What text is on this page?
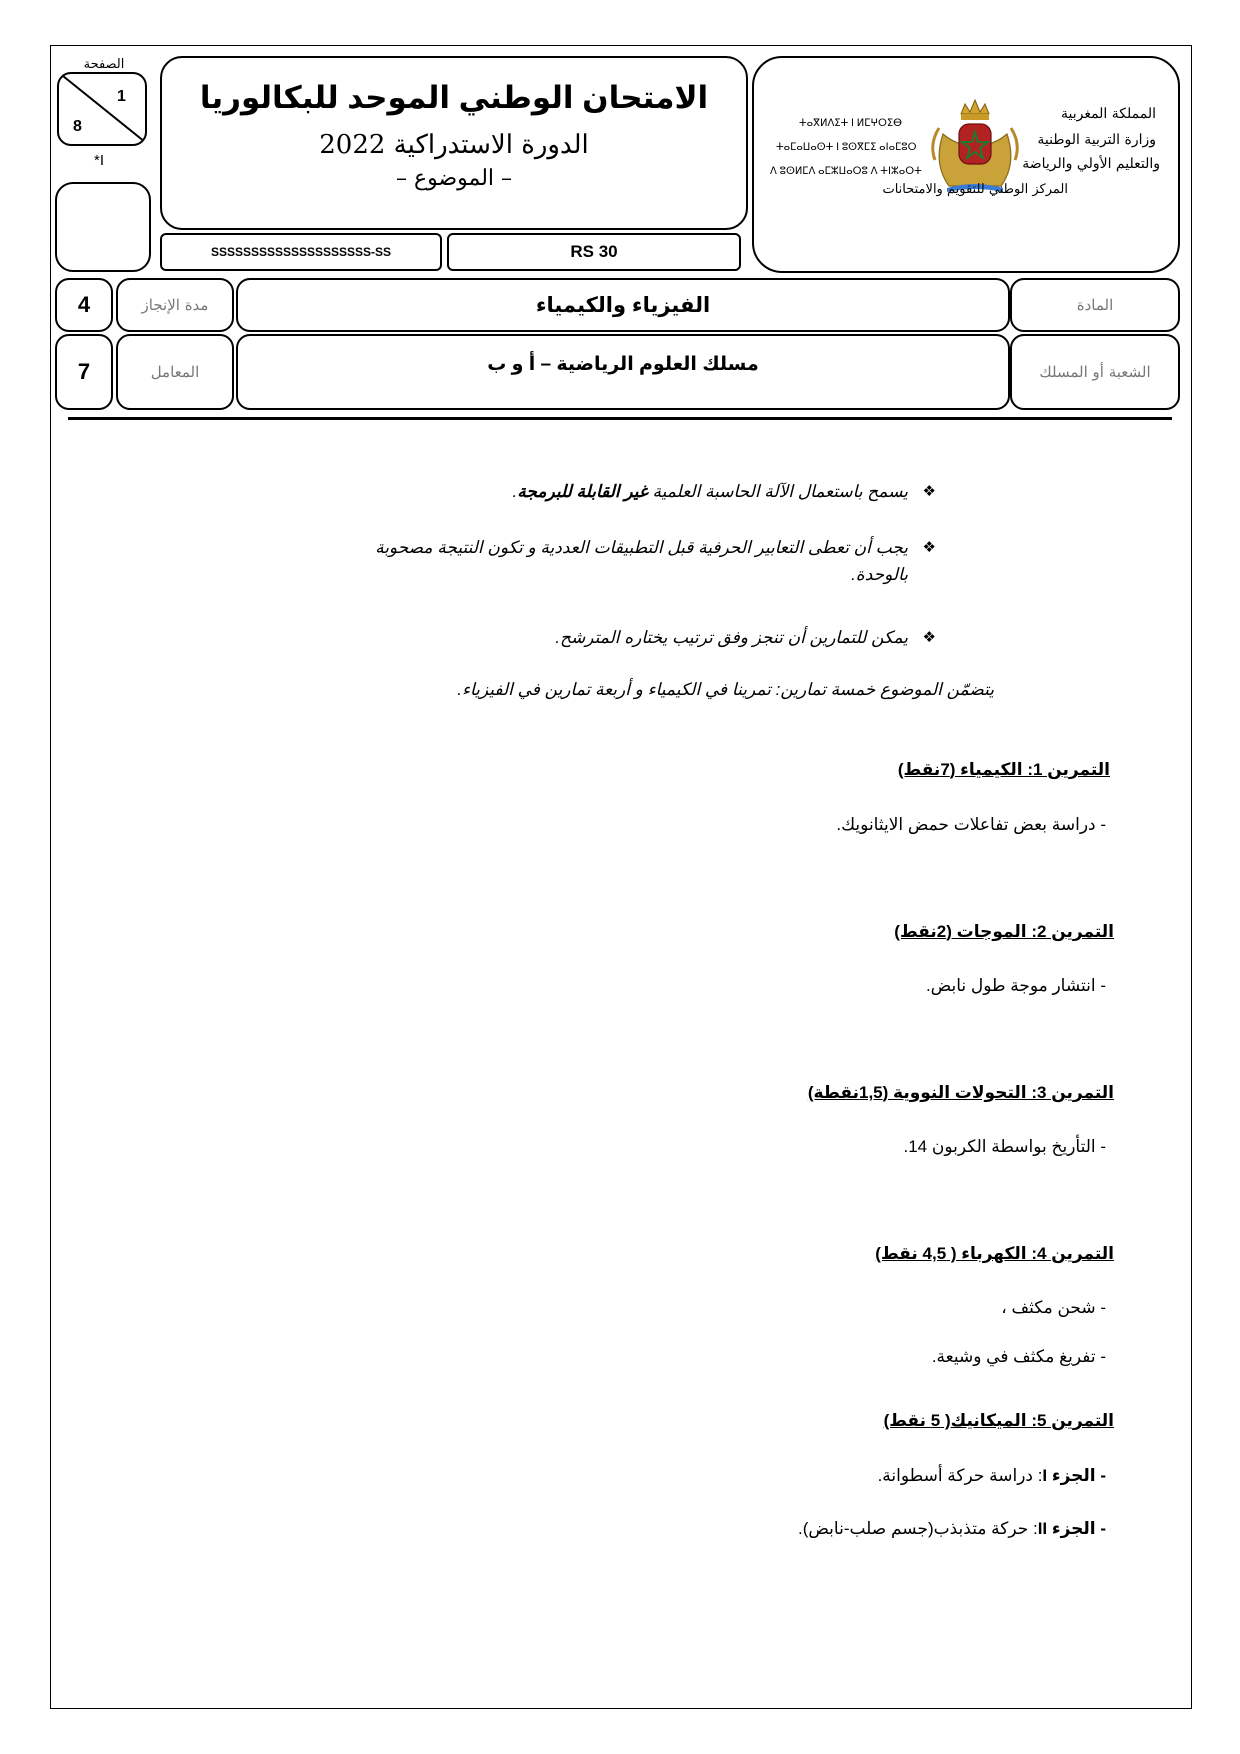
الصفحة
1
8
*I
الامتحان الوطني الموحد للبكالوريا
الدورة الاستدراكية 2022
– الموضوع –
SSSSSSSSSSSSSSSSSSSS-SS	RS 30
ⵜⴰⴳⵍⴷⵉⵜ ⵏ ⵍⵎⵖⵔⵉⴱ
ⵜⴰⵎⴰⵡⴰⵙⵜ ⵏ ⵓⵙⴳⵎⵉ ⴰⵏⴰⵎⵓⵔ
ⴷ ⵓⵙⵍⵎⴷ ⴰⵎⵣⵡⴰⵔⵓ ⴷ ⵜⵏⵣⴰⵔⵜ
المملكة المغربية
وزارة التربية الوطنية
والتعليم الأولي والرياضة
المركز الوطني للتقويم والامتحانات
4	مدة الإنجاز	الفيزياء والكيمياء	المادة
7	المعامل	مسلك العلوم الرياضية – أ و ب	الشعبة أو المسلك
❖
يسمح باستعمال الآلة الحاسبة العلمية غير القابلة للبرمجة.
❖
يجب أن تعطى التعابير الحرفية قبل التطبيقات العددية و تكون النتيجة مصحوبة
بالوحدة.
❖
يمكن للتمارين أن تنجز وفق ترتيب يختاره المترشح.
يتضمّن الموضوع خمسة تمارين: تمرينا في الكيمياء و أربعة تمارين في الفيزياء.
التمرين 1: الكيمياء (7نقط)
- دراسة بعض تفاعلات حمض الايثانويك.
التمرين 2: الموجات (2نقط)
- انتشار موجة طول نابض.
التمرين 3: التحولات النووية (1,5نقطة)
- التأريخ بواسطة الكربون 14.
التمرين 4: الكهرباء ( 4,5 نقط)
- شحن مكثف ،
- تفريغ مكثف في وشيعة.
التمرين 5: الميكانيك( 5 نقط)
- الجزء I: دراسة حركة أسطوانة.
- الجزء II: حركة متذبذب(جسم صلب-نابض).
